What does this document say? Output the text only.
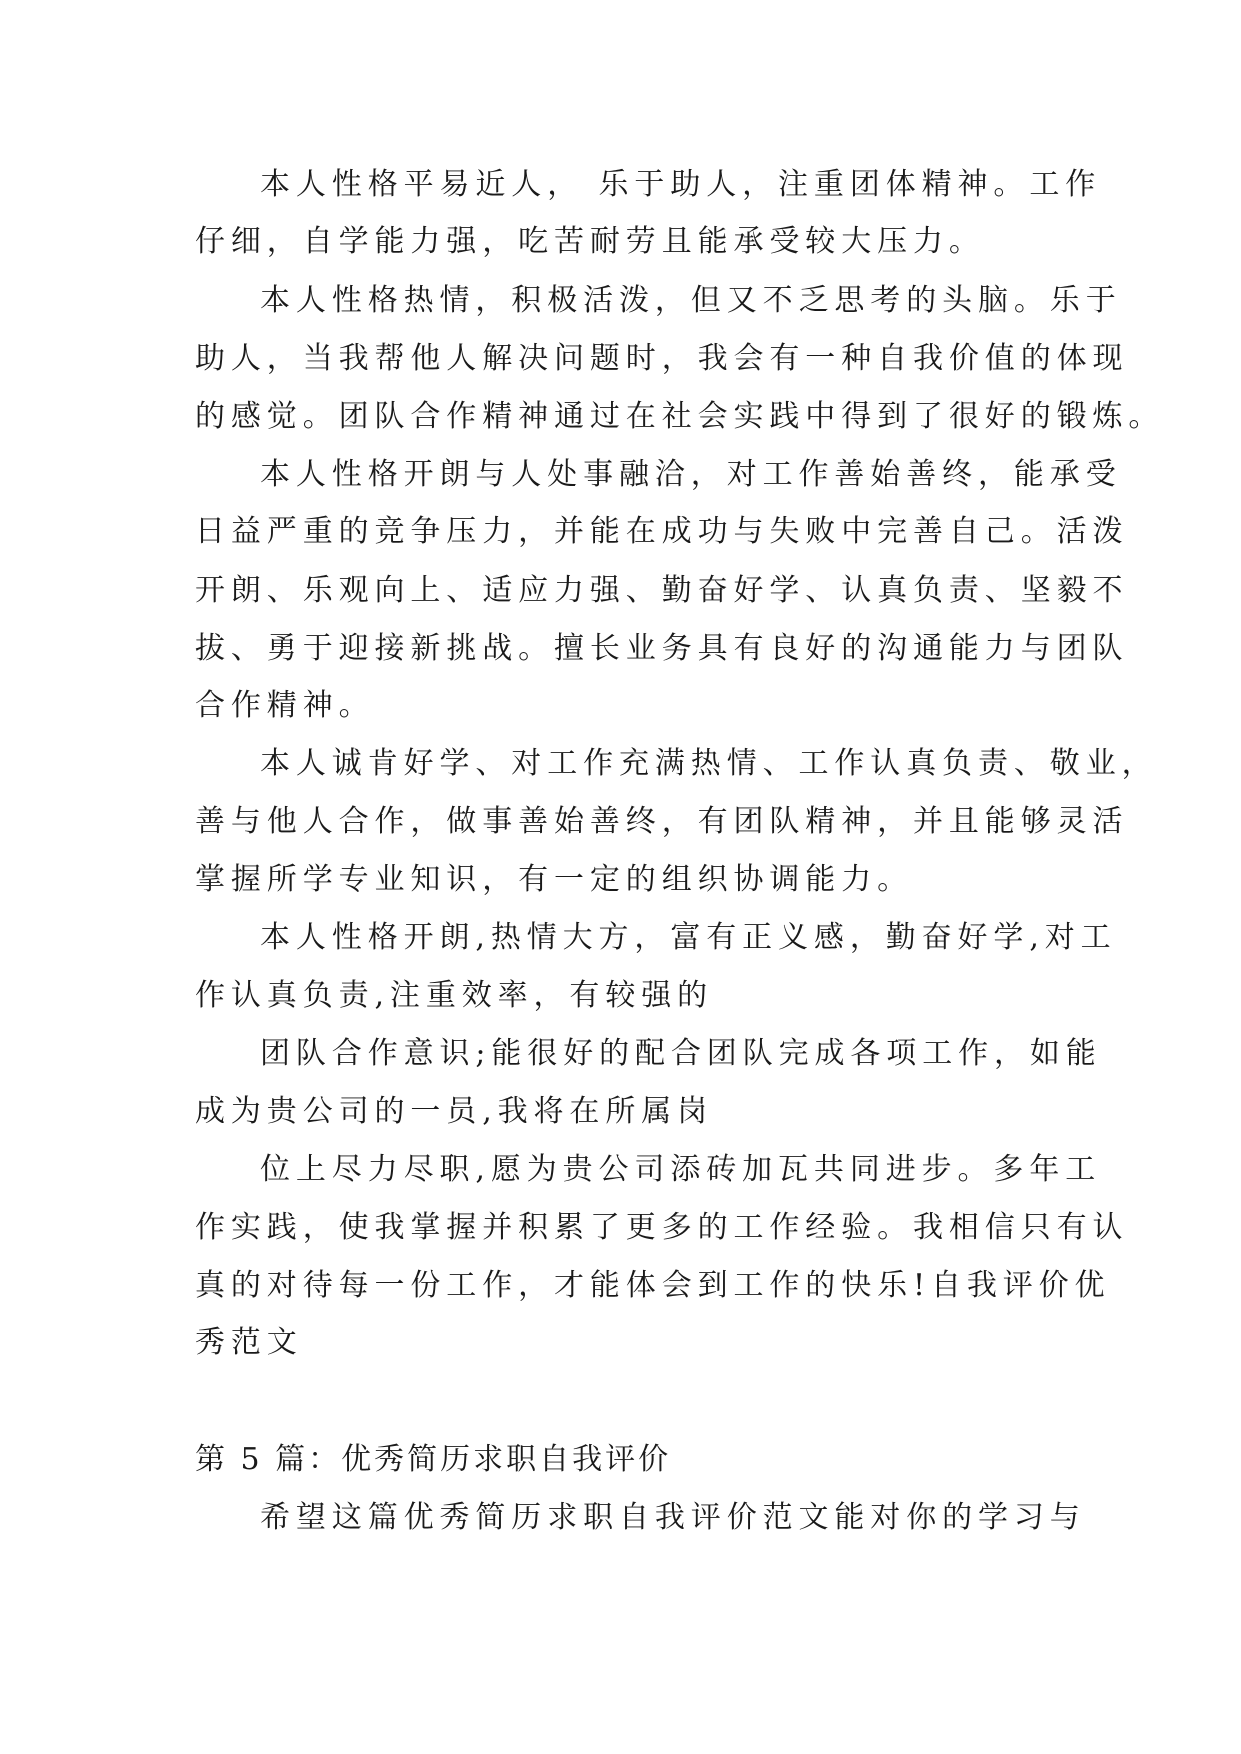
本人性格平易近人， 乐于助人，注重团体精神。工作
仔细，自学能力强，吃苦耐劳且能承受较大压力。
本人性格热情，积极活泼，但又不乏思考的头脑。乐于
助人，当我帮他人解决问题时，我会有一种自我价值的体现
的感觉。团队合作精神通过在社会实践中得到了很好的锻炼。
本人性格开朗与人处事融洽，对工作善始善终，能承受
日益严重的竞争压力，并能在成功与失败中完善自己。活泼
开朗、乐观向上、适应力强、勤奋好学、认真负责、坚毅不
拔、勇于迎接新挑战。擅长业务具有良好的沟通能力与团队
合作精神。
本人诚肯好学、对工作充满热情、工作认真负责、敬业，
善与他人合作，做事善始善终，有团队精神，并且能够灵活
掌握所学专业知识，有一定的组织协调能力。
本人性格开朗,热情大方，富有正义感，勤奋好学,对工
作认真负责,注重效率，有较强的
团队合作意识;能很好的配合团队完成各项工作，如能
成为贵公司的一员,我将在所属岗
位上尽力尽职,愿为贵公司添砖加瓦共同进步。多年工
作实践，使我掌握并积累了更多的工作经验。我相信只有认
真的对待每一份工作，才能体会到工作的快乐!自我评价优
秀范文
第 5 篇：优秀简历求职自我评价
希望这篇优秀简历求职自我评价范文能对你的学习与
